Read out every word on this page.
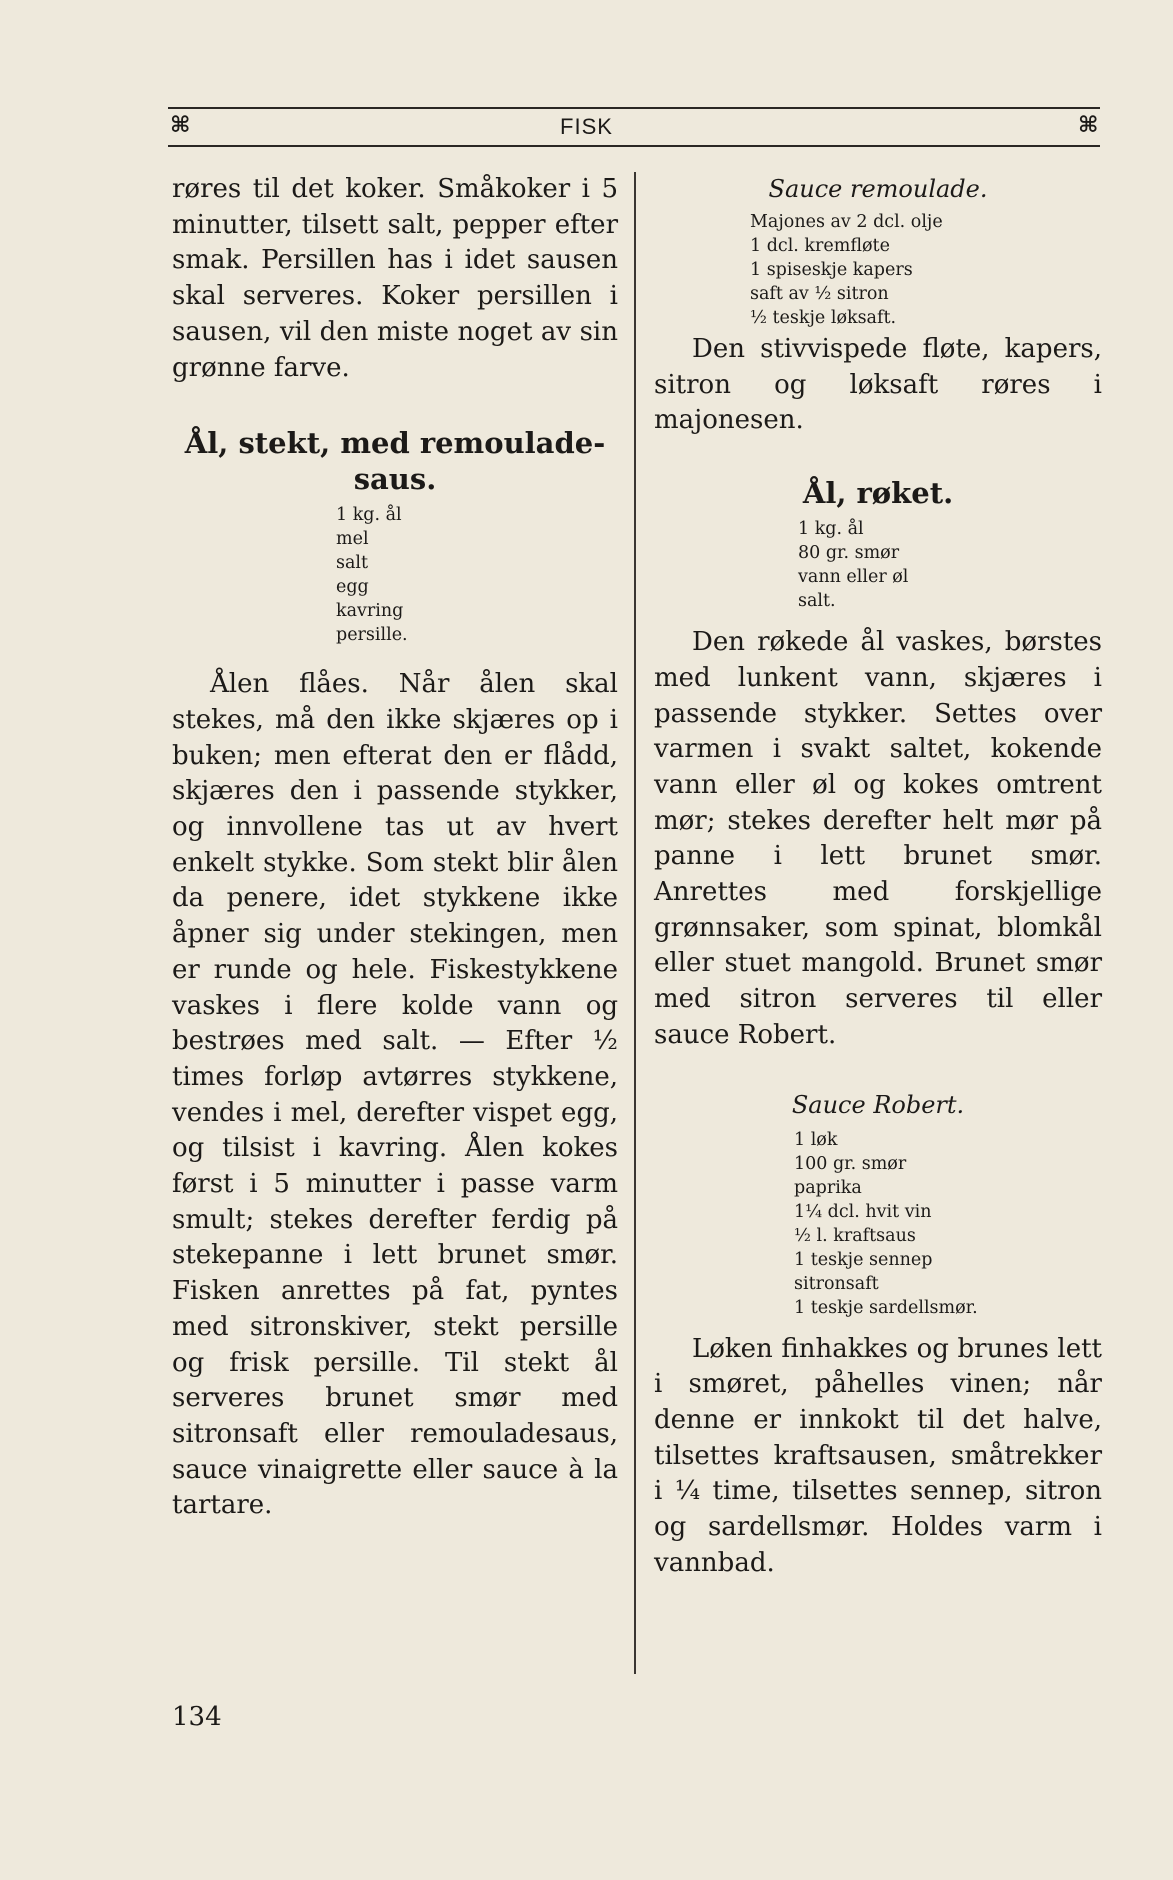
⌘	FISK	⌘

røres til det koker. Småkoker i 5 minutter, tilsett salt, pepper efter smak. Persillen has i idet sausen skal serveres. Koker persillen i sausen, vil den miste noget av sin grønne farve.

Ål, stekt, med remoulade-
saus.
1 kg. ål
mel
salt
egg
kavring
persille.

Ålen flåes. Når ålen skal stekes, må den ikke skjæres op i buken; men efterat den er flådd, skjæres den i passende stykker, og innvollene tas ut av hvert enkelt stykke. Som stekt blir ålen da penere, idet stykkene ikke åpner sig under stekingen, men er runde og hele. Fiskestykkene vaskes i flere kolde vann og bestrøes med salt. — Efter ½ times forløp avtørres stykkene, vendes i mel, derefter vispet egg, og tilsist i kavring. Ålen kokes først i 5 minutter i passe varm smult; stekes derefter ferdig på stekepanne i lett brunet smør. Fisken anrettes på fat, pyntes med sitronskiver, stekt persille og frisk persille. Til stekt ål serveres brunet smør med sitronsaft eller remouladesaus, sauce vinaigrette eller sauce à la tartare.

Sauce remoulade.
Majones av 2 dcl. olje
1 dcl. kremfløte
1 spiseskje kapers
saft av ½ sitron
½ teskje løksaft.

Den stivvispede fløte, kapers, sitron og løksaft røres i majonesen.

Ål, røket.
1 kg. ål
80 gr. smør
vann eller øl
salt.

Den røkede ål vaskes, børstes med lunkent vann, skjæres i passende stykker. Settes over varmen i svakt saltet, kokende vann eller øl og kokes omtrent mør; stekes derefter helt mør på panne i lett brunet smør. Anrettes med forskjellige grønnsaker, som spinat, blomkål eller stuet mangold. Brunet smør med sitron serveres til eller sauce Robert.

Sauce Robert.
1 løk
100 gr. smør
paprika
1¼ dcl. hvit vin
½ l. kraftsaus
1 teskje sennep
sitronsaft
1 teskje sardellsmør.

Løken finhakkes og brunes lett i smøret, påhelles vinen; når denne er innkokt til det halve, tilsettes kraftsausen, småtrekker i ¼ time, tilsettes sennep, sitron og sardellsmør. Holdes varm i vannbad.

134
